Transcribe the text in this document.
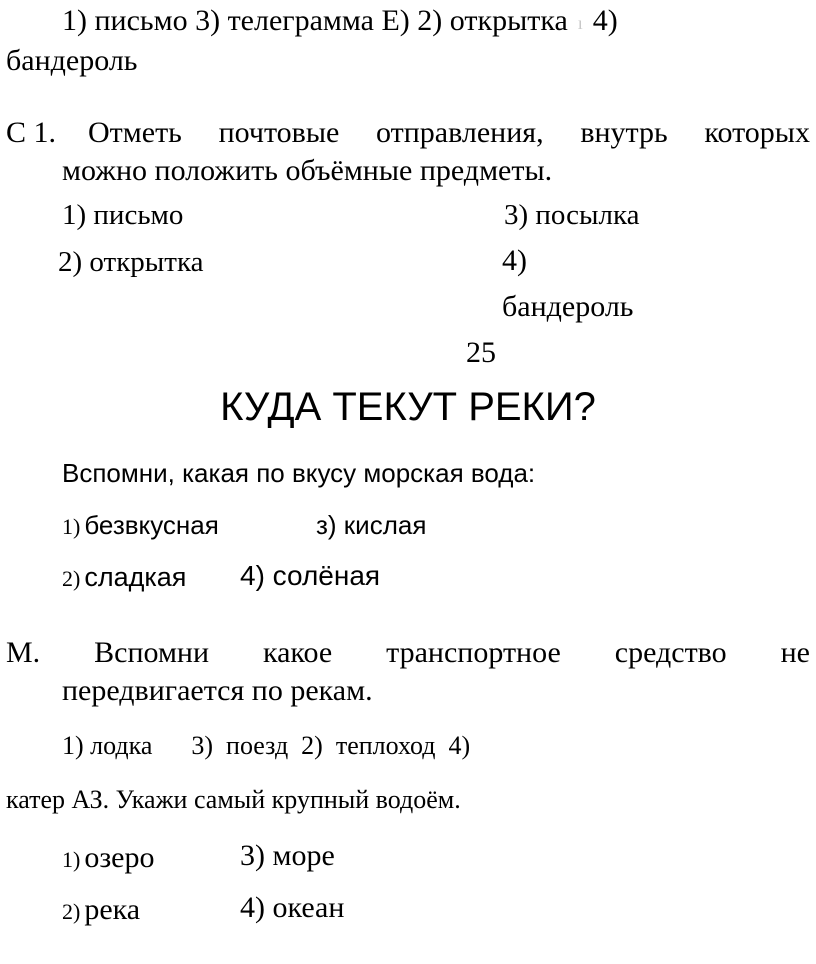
1) письмо 3) телеграмма Е) 2) открытка ı 4)
бандероль
С 1. Отметь почтовые отправления, внутрь которых
можно положить объёмные предметы.
1) письмо	3) посылка
2) открытка	4)
бандероль
25
КУДА ТЕКУТ РЕКИ?
Вспомни, какая по вкусу морская вода:
1) безвкусная	з) кислая
2) сладкая 4) солёная
М. Вспомни какое транспортное средство не
передвигается по рекам.
1) лодка      3)  поезд  2)  теплоход  4)
катер АЗ. Укажи самый крупный водоём.
1) озеро	3) море
2) река	4) океан
